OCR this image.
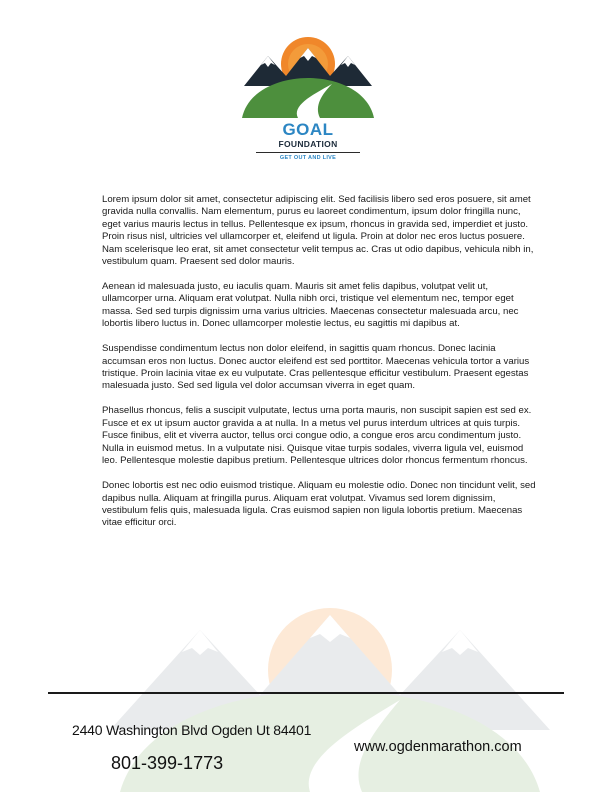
GOAL
FOUNDATION
GET OUT AND LIVE

Lorem ipsum dolor sit amet, consectetur adipiscing elit. Sed facilisis libero sed eros posuere, sit amet gravida nulla convallis. Nam elementum, purus eu laoreet condimentum, ipsum dolor fringilla nunc, eget varius mauris lectus in tellus. Pellentesque ex ipsum, rhoncus in gravida sed, imperdiet et justo. Proin risus nisl, ultricies vel ullamcorper et, eleifend ut ligula. Proin at dolor nec eros luctus posuere. Nam scelerisque leo erat, sit amet consectetur velit tempus ac. Cras ut odio dapibus, vehicula nibh in, vestibulum quam. Praesent sed dolor mauris.

Aenean id malesuada justo, eu iaculis quam. Mauris sit amet felis dapibus, volutpat velit ut, ullamcorper urna. Aliquam erat volutpat. Nulla nibh orci, tristique vel elementum nec, tempor eget massa. Sed sed turpis dignissim urna varius ultricies. Maecenas consectetur malesuada arcu, nec lobortis libero luctus in. Donec ullamcorper molestie lectus, eu sagittis mi dapibus at.

Suspendisse condimentum lectus non dolor eleifend, in sagittis quam rhoncus. Donec lacinia accumsan eros non luctus. Donec auctor eleifend est sed porttitor. Maecenas vehicula tortor a varius tristique. Proin lacinia vitae ex eu vulputate. Cras pellentesque efficitur vestibulum. Praesent egestas malesuada justo. Sed sed ligula vel dolor accumsan viverra in eget quam.

Phasellus rhoncus, felis a suscipit vulputate, lectus urna porta mauris, non suscipit sapien est sed ex. Fusce et ex ut ipsum auctor gravida a at nulla. In a metus vel purus interdum ultrices at quis turpis. Fusce finibus, elit et viverra auctor, tellus orci congue odio, a congue eros arcu condimentum justo. Nulla in euismod metus. In a vulputate nisi. Quisque vitae turpis sodales, viverra ligula vel, euismod leo. Pellentesque molestie dapibus pretium. Pellentesque ultrices dolor rhoncus fermentum rhoncus.

Donec lobortis est nec odio euismod tristique. Aliquam eu molestie odio. Donec non tincidunt velit, sed dapibus nulla. Aliquam at fringilla purus. Aliquam erat volutpat. Vivamus sed lorem dignissim, vestibulum felis quis, malesuada ligula. Cras euismod sapien non ligula lobortis pretium. Maecenas vitae efficitur orci.

2440 Washington Blvd Ogden Ut 84401
801-399-1773
www.ogdenmarathon.com
